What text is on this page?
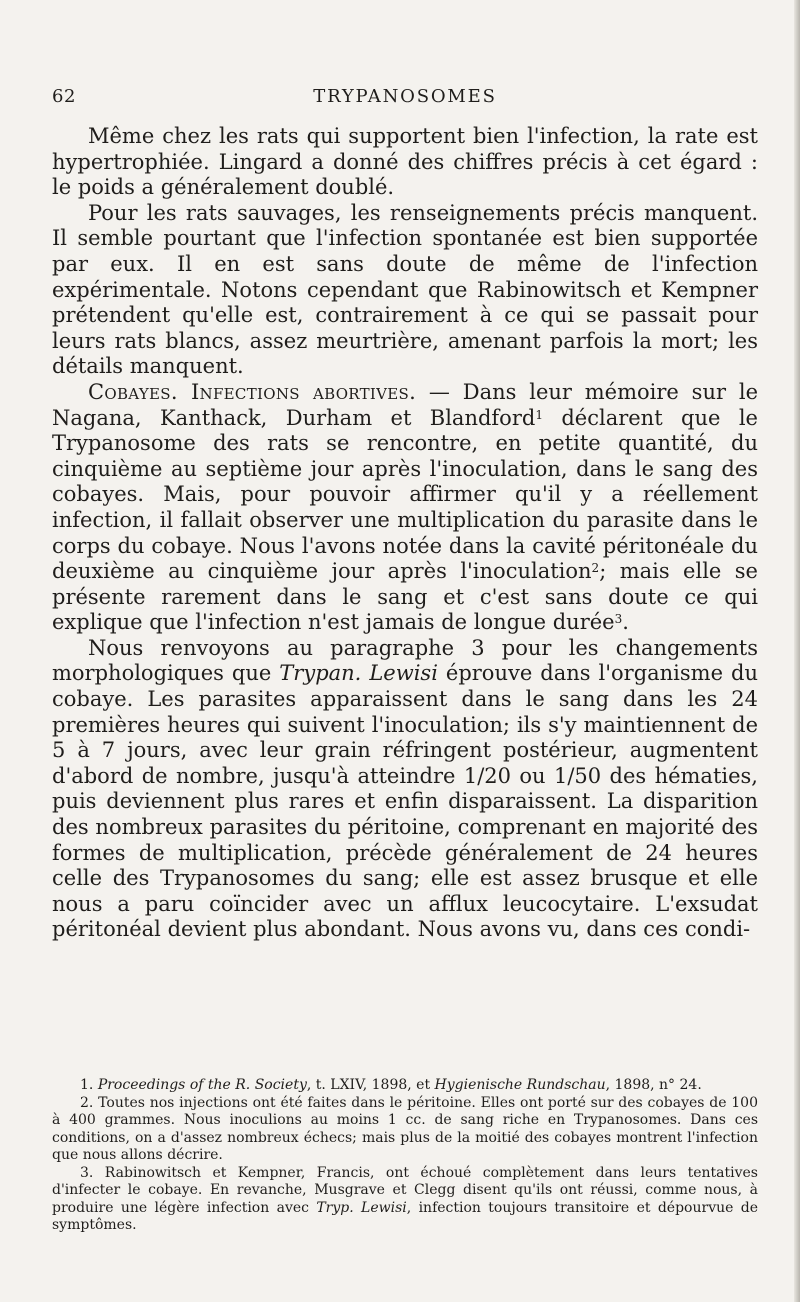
62	TRYPANOSOMES

Même chez les rats qui supportent bien l'infection, la rate est hypertrophiée. Lingard a donné des chiffres précis à cet égard : le poids a généralement doublé.

Pour les rats sauvages, les renseignements précis manquent. Il semble pourtant que l'infection spontanée est bien supportée par eux. Il en est sans doute de même de l'infection expérimentale. Notons cependant que Rabinowitsch et Kempner prétendent qu'elle est, contrairement à ce qui se passait pour leurs rats blancs, assez meurtrière, amenant parfois la mort; les détails manquent.

Cobayes. Infections abortives. — Dans leur mémoire sur le Nagana, Kanthack, Durham et Blandford$^1$ déclarent que le Trypanosome des rats se rencontre, en petite quantité, du cinquième au septième jour après l'inoculation, dans le sang des cobayes. Mais, pour pouvoir affirmer qu'il y a réellement infection, il fallait observer une multiplication du parasite dans le corps du cobaye. Nous l'avons notée dans la cavité péritonéale du deuxième au cinquième jour après l'inoculation$^2$; mais elle se présente rarement dans le sang et c'est sans doute ce qui explique que l'infection n'est jamais de longue durée$^3$.

Nous renvoyons au paragraphe 3 pour les changements morphologiques que Trypan. Lewisi éprouve dans l'organisme du cobaye. Les parasites apparaissent dans le sang dans les 24 premières heures qui suivent l'inoculation; ils s'y maintiennent de 5 à 7 jours, avec leur grain réfringent postérieur, augmentent d'abord de nombre, jusqu'à atteindre 1/20 ou 1/50 des hématies, puis deviennent plus rares et enfin disparaissent. La disparition des nombreux parasites du péritoine, comprenant en majorité des formes de multiplication, précède généralement de 24 heures celle des Trypanosomes du sang; elle est assez brusque et elle nous a paru coïncider avec un afflux leucocytaire. L'exsudat péritonéal devient plus abondant. Nous avons vu, dans ces condi-

1. Proceedings of the R. Society, t. LXIV, 1898, et Hygienische Rundschau, 1898, n° 24.

2. Toutes nos injections ont été faites dans le péritoine. Elles ont porté sur des cobayes de 100 à 400 grammes. Nous inoculions au moins 1 cc. de sang riche en Trypanosomes. Dans ces conditions, on a d'assez nombreux échecs; mais plus de la moitié des cobayes montrent l'infection que nous allons décrire.

3. Rabinowitsch et Kempner, Francis, ont échoué complètement dans leurs tentatives d'infecter le cobaye. En revanche, Musgrave et Clegg disent qu'ils ont réussi, comme nous, à produire une légère infection avec Tryp. Lewisi, infection toujours transitoire et dépourvue de symptômes.
